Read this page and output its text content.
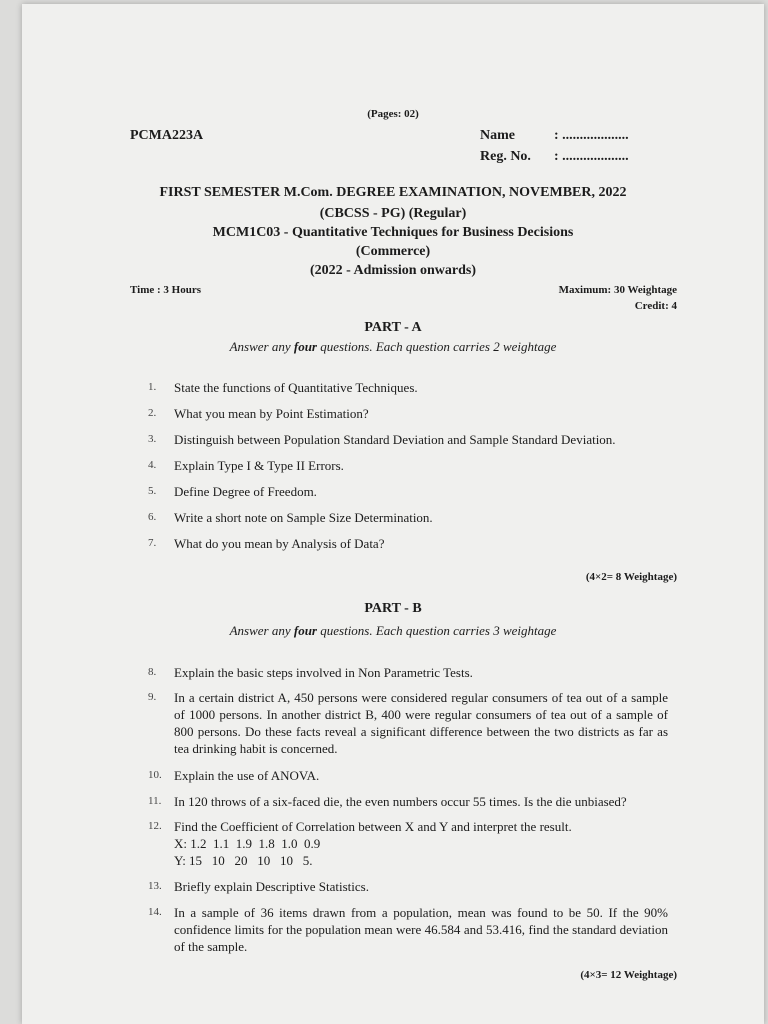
(Pages: 02)
PCMA223A	Name	: ...................
Reg. No. : ...................
FIRST SEMESTER M.Com. DEGREE EXAMINATION, NOVEMBER, 2022
(CBCSS - PG) (Regular)
MCM1C03 - Quantitative Techniques for Business Decisions
(Commerce)
(2022 - Admission onwards)
Time : 3 Hours	Maximum: 30 Weightage
Credit: 4
PART - A
Answer any four questions. Each question carries 2 weightage
1.	State the functions of Quantitative Techniques.
2.	What you mean by Point Estimation?
3.	Distinguish between Population Standard Deviation and Sample Standard Deviation.
4.	Explain Type I & Type II Errors.
5.	Define Degree of Freedom.
6.	Write a short note on Sample Size Determination.
7.	What do you mean by Analysis of Data?
(4×2= 8 Weightage)
PART - B
Answer any four questions. Each question carries 3 weightage
8.	Explain the basic steps involved in Non Parametric Tests.
9.	In a certain district A, 450 persons were considered regular consumers of tea out of a sample of 1000 persons. In another district B, 400 were regular consumers of tea out of a sample of 800 persons. Do these facts reveal a significant difference between the two districts as far as tea drinking habit is concerned.
10. Explain the use of ANOVA.
11. In 120 throws of a six-faced die, the even numbers occur 55 times. Is the die unbiased?
12. Find the Coefficient of Correlation between X and Y and interpret the result.
X: 1.2  1.1  1.9  1.8  1.0  0.9
Y: 15   10   20   10   10   5.
13. Briefly explain Descriptive Statistics.
14. In a sample of 36 items drawn from a population, mean was found to be 50. If the 90% confidence limits for the population mean were 46.584 and 53.416, find the standard deviation of the sample.
(4×3= 12 Weightage)
